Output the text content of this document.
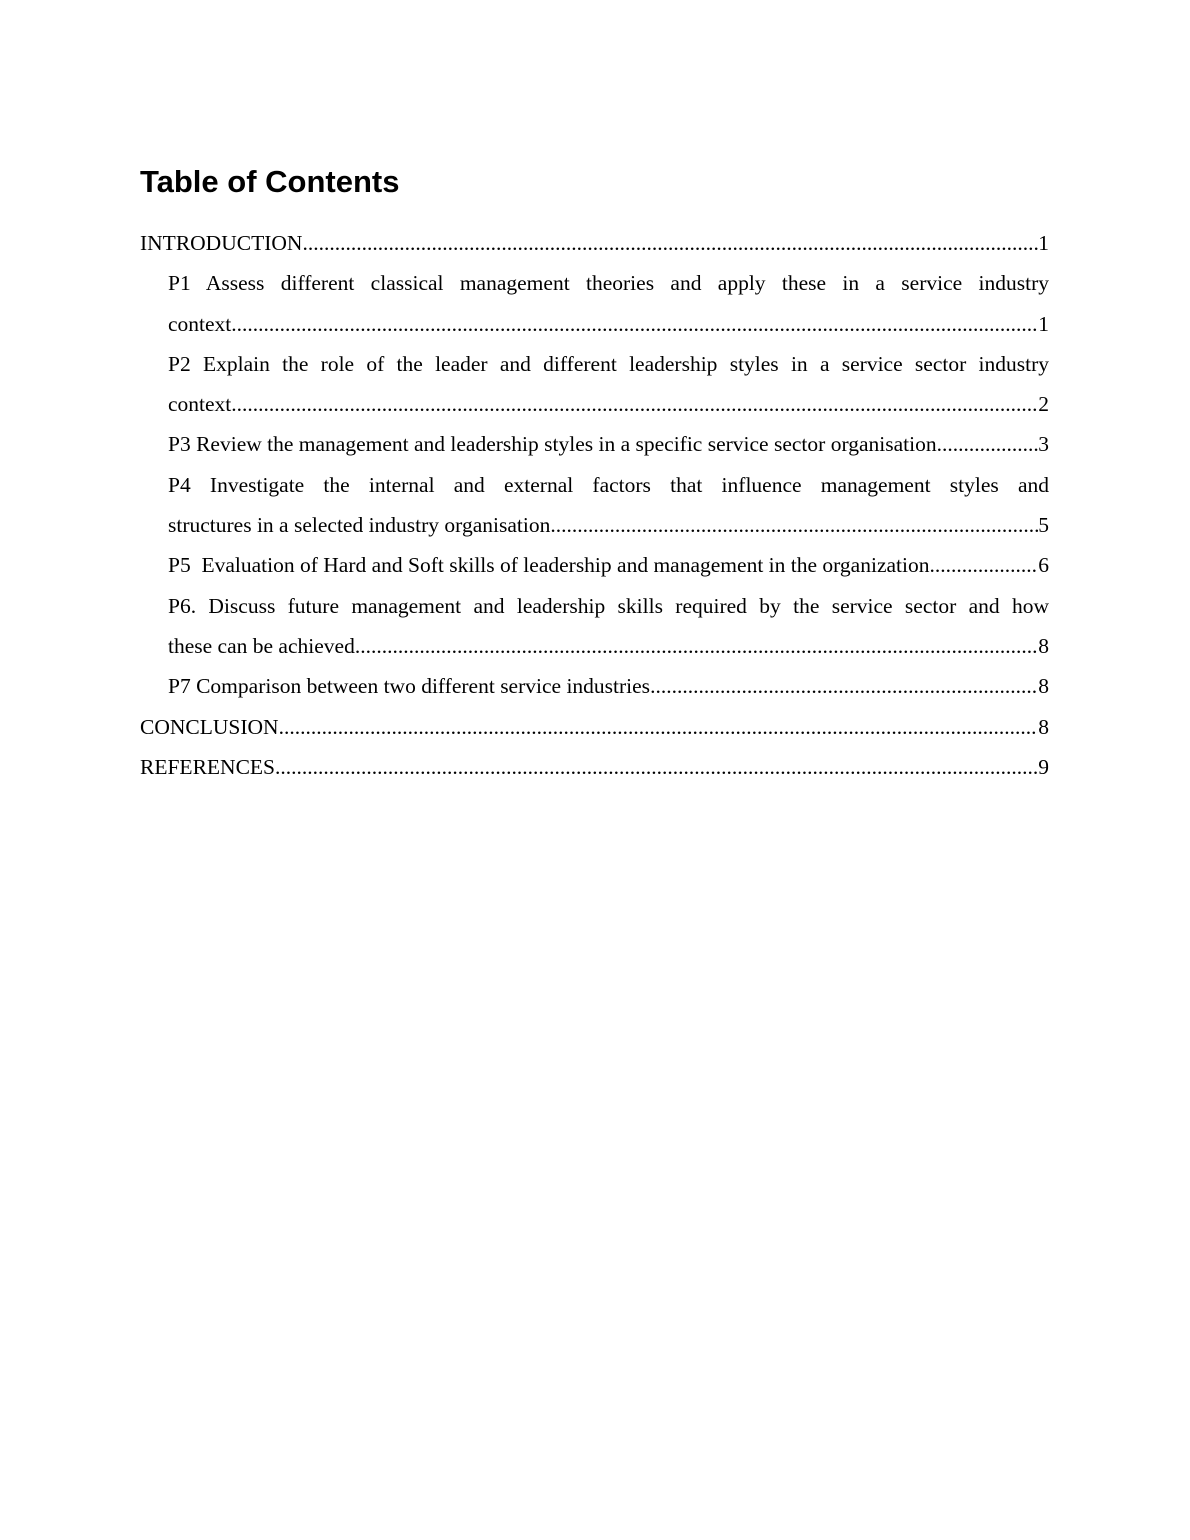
Table of Contents
INTRODUCTION .....	1
P1 Assess different classical management theories and apply these in a service industry
context .....	1
P2 Explain the role of the leader and different leadership styles in a service sector industry
context .....	2
P3 Review the management and leadership styles in a specific service sector organisation .....	3
P4 Investigate the internal and external factors that influence management styles and
structures in a selected industry organisation .....	5
P5  Evaluation of Hard and Soft skills of leadership and management in the organization. .....	6
P6. Discuss future management and leadership skills required by the service sector and how
these can be achieved .....	8
P7 Comparison between two different service industries .....	8
CONCLUSION .....	8
REFERENCES .....	9
